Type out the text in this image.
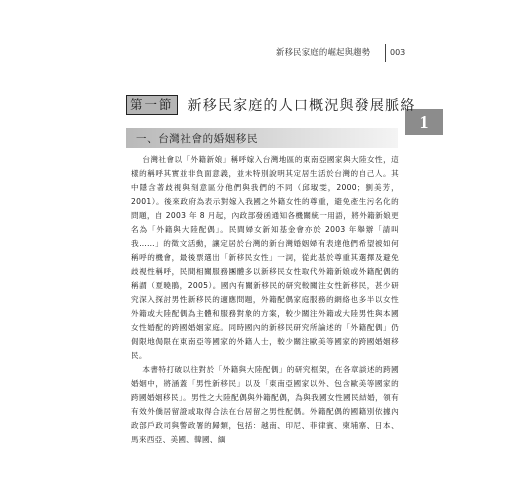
新移民家庭的崛起與趨勢 003
1
第一節 新移民家庭的人口概況與發展脈絡
一、台灣社會的婚姻移民

台灣社會以「外籍新娘」稱呼嫁入台灣地區的東南亞國家與大陸女性，這樣的稱呼其實並非負面意義，並未特別說明其定居生活於台灣的自己人。其中隱含著歧視與刻意區分他們與我們的不同（邱琡雯，2000；劉美芳，2001）。後來政府為表示對嫁入我國之外籍女性的尊重，避免產生污名化的問題，自 2003 年 8 月起，內政部發函通知各機關統一用語，將外籍新娘更名為「外籍與大陸配偶」。民間婦女新知基金會亦於 2003 年舉辦「請叫我……」的徵文活動，讓定居於台灣的新台灣婚姻婦有表達他們希望被如何稱呼的機會，最後票選出「新移民女性」一詞，從此基於尊重其選擇及避免歧視性稱呼，民間相關服務團體多以新移民女性取代外籍新娘或外籍配偶的稱謂（夏曉鵑，2005）。國內有關新移民的研究較關注女性新移民，甚少研究深入探討男性新移民的適應問題，外籍配偶家庭服務的網絡也多半以女性外籍或大陸配偶為主體和服務對象的方案，較少關注外籍或大陸男性與本國女性婚配的跨國婚姻家庭。同時國內的新移民研究所論述的「外籍配偶」仍侷限地侷限在東南亞等國家的外籍人士，較少關注歐美等國家的跨國婚姻移民。

本書特打破以往對於「外籍與大陸配偶」的研究框架，在各章談述的跨國婚姻中，將涵蓋「男性新移民」以及「東南亞國家以外、包含歐美等國家的跨國婚姻移民」。男性之大陸配偶與外籍配偶，為與我國女性國民結婚，領有有效外僑居留證或取得合法在台居留之男性配偶。外籍配偶的國籍別依據內政部戶政司與警政署的歸類，包括：越南、印尼、菲律賓、柬埔寨、日本、馬來西亞、美國、韓國、緬
